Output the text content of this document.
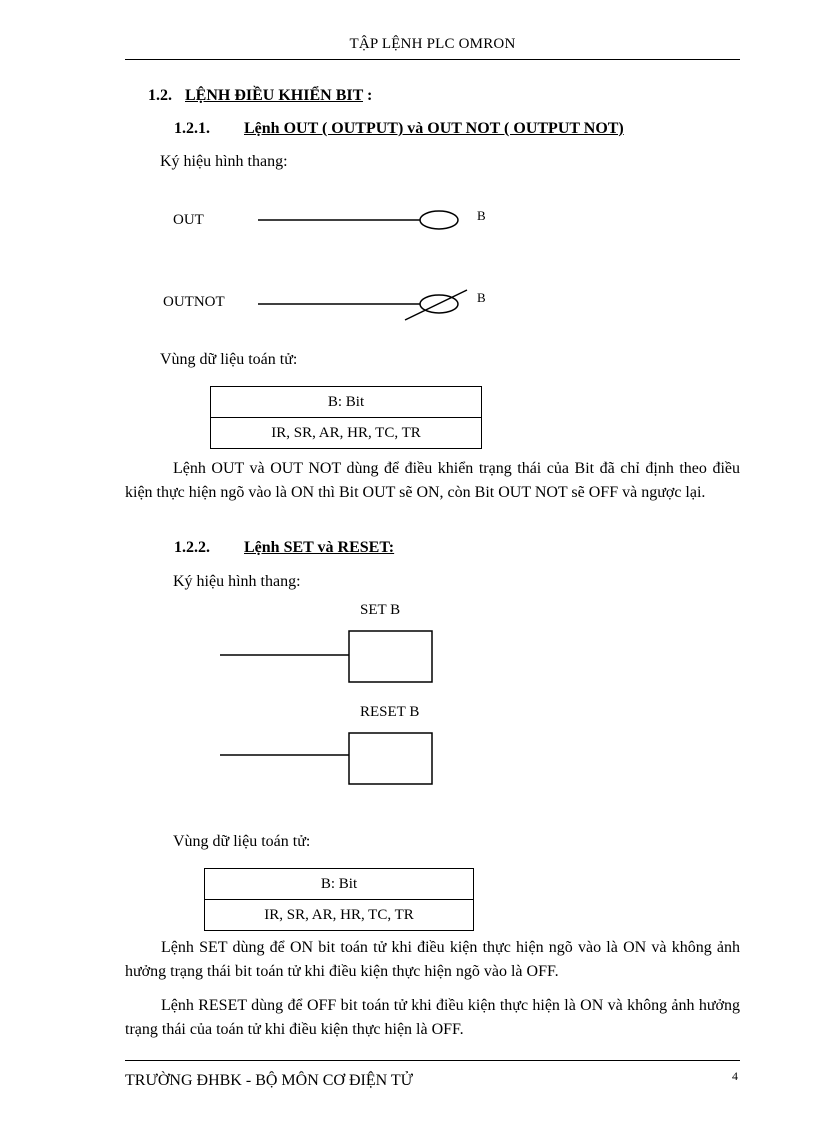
TẬP LỆNH PLC OMRON
1.2. LỆNH ĐIỀU KHIỂN BIT :
1.2.1. Lệnh OUT ( OUTPUT) và OUT NOT ( OUTPUT NOT)
Ký hiệu hình thang:
OUT	B
OUTNOT	B
Vùng dữ liệu toán tử:
B: Bit
IR, SR, AR, HR, TC, TR
Lệnh OUT và OUT NOT dùng để điều khiển trạng thái của Bit đã chỉ định theo điều kiện thực hiện ngõ vào là ON thì Bit OUT sẽ ON, còn Bit OUT NOT sẽ OFF và ngược lại.
1.2.2. Lệnh SET và RESET:
Ký hiệu hình thang:
SET B
RESET B
Vùng dữ liệu toán tử:
B: Bit
IR, SR, AR, HR, TC, TR
Lệnh SET dùng để ON bit toán tử khi điều kiện thực hiện ngõ vào là ON và không ảnh hưởng trạng thái bit toán tử khi điều kiện thực hiện ngõ vào là OFF.
Lệnh RESET dùng để OFF bit toán tử khi điều kiện thực hiện là ON và không ảnh hưởng trạng thái của toán tử khi điều kiện thực hiện là OFF.
TRƯỜNG ĐHBK - BỘ MÔN CƠ ĐIỆN TỬ	4
